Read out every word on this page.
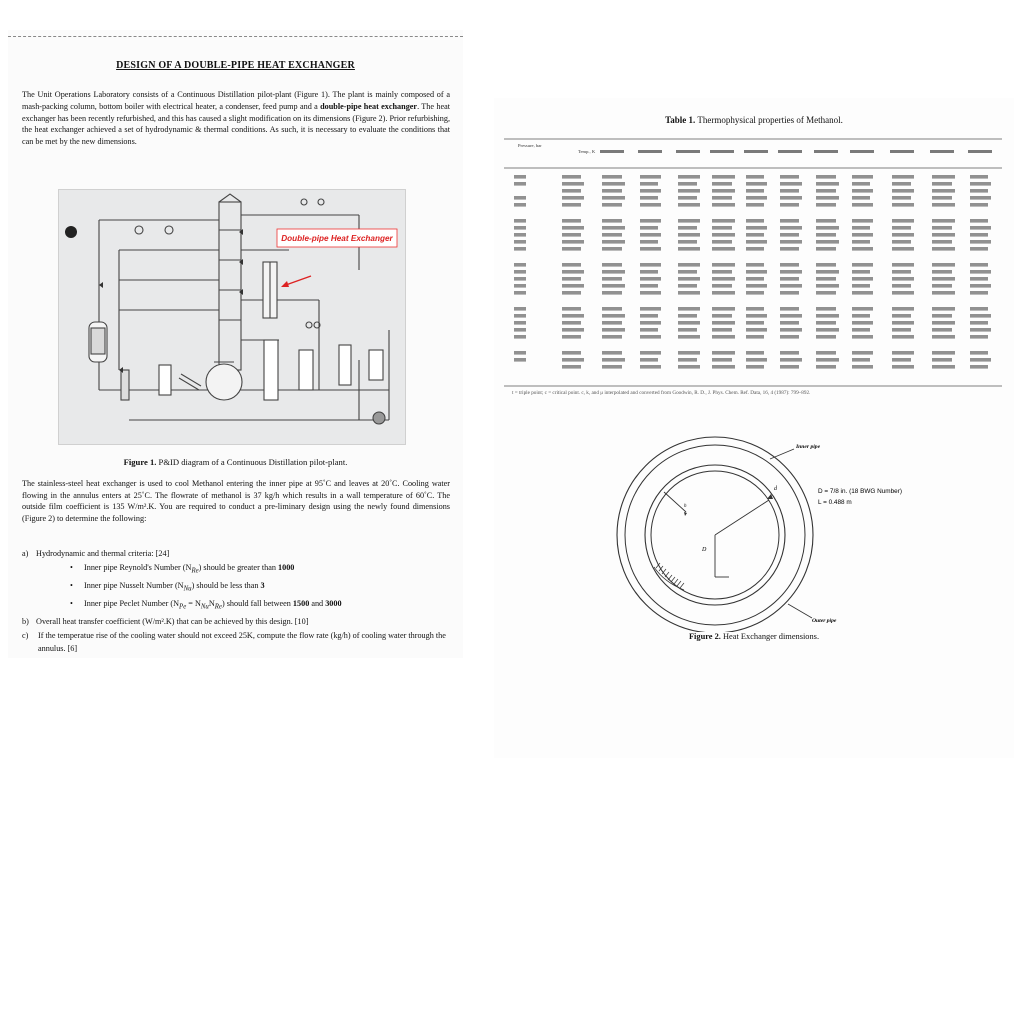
DESIGN OF A DOUBLE-PIPE HEAT EXCHANGER

The Unit Operations Laboratory consists of a Continuous Distillation pilot-plant (Figure 1). The plant is mainly composed of a mash-packing column, bottom boiler with electrical heater, a condenser, feed pump and a double-pipe heat exchanger. The heat exchanger has been recently refurbished, and this has caused a slight modification on its dimensions (Figure 2). Prior refurbishing, the heat exchanger achieved a set of hydrodynamic & thermal conditions. As such, it is necessary to evaluate the conditions that can be met by the new dimensions.

Double-pipe Heat Exchanger
Figure 1. P&ID diagram of a Continuous Distillation pilot-plant.

The stainless-steel heat exchanger is used to cool Methanol entering the inner pipe at 95˚C and leaves at 20˚C. Cooling water flowing in the annulus enters at 25˚C. The flowrate of methanol is 37 kg/h which results in a wall temperature of 60˚C. The outside film coefficient is 135 W/m².K. You are required to conduct a pre-liminary design using the newly found dimensions (Figure 2) to determine the following:

a) Hydrodynamic and thermal criteria: [24]
• Inner pipe Reynold's Number $(N_{Re})$ should be greater than 1000
• Inner pipe Nusselt Number $(N_{Nu})$ should be less than 3
• Inner pipe Peclet Number $(N_{Pe} = N_{Nu}N_{Re})$ should fall between 1500 and 3000
b) Overall heat transfer coefficient (W/m².K) that can be achieved by this design. [10]
c) If the temperatue rise of the cooling water should not exceed 25K, compute the flow rate (kg/h) of cooling water through the annulus. [6]
Table 1. Thermophysical properties of Methanol.
Pressure, bar
Temp., K
t = triple point; c = critical point. c, k, and μ interpolated and converted from Goodwin, R. D., J. Phys. Chem. Ref. Data, 16, 4 (1987): 799–892.
d
D
h
Inner pipe
Outer pipe
D = 7/8 in. (18 BWG Number)
L = 0.488 m
Figure 2. Heat Exchanger dimensions.
